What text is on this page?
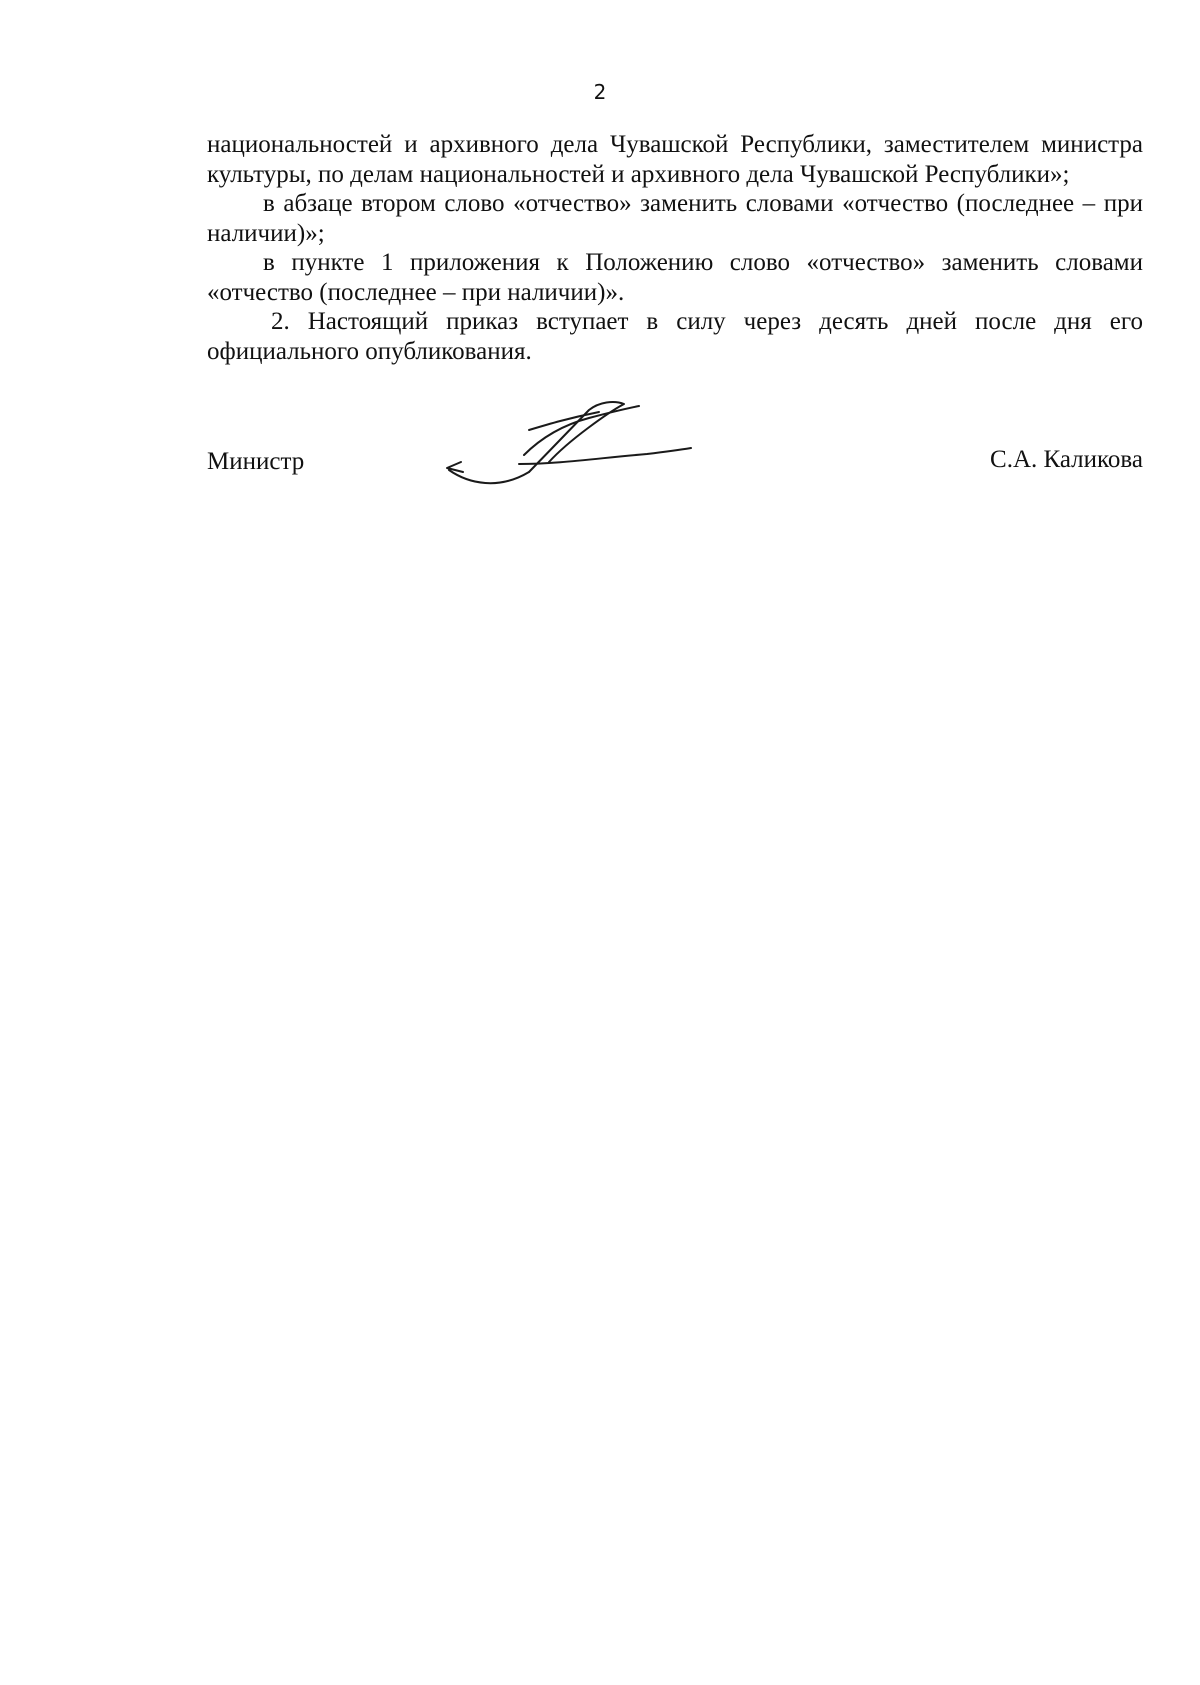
2

национальностей и архивного дела Чувашской Республики, заместителем министра культуры, по делам национальностей и архивного дела Чувашской Республики»;

в абзаце втором слово «отчество» заменить словами «отчество (последнее – при наличии)»;

в пункте 1 приложения к Положению слово «отчество» заменить словами «отчество (последнее – при наличии)».

2. Настоящий приказ вступает в силу через десять дней после дня его официального опубликования.

Министр	С.А. Каликова
